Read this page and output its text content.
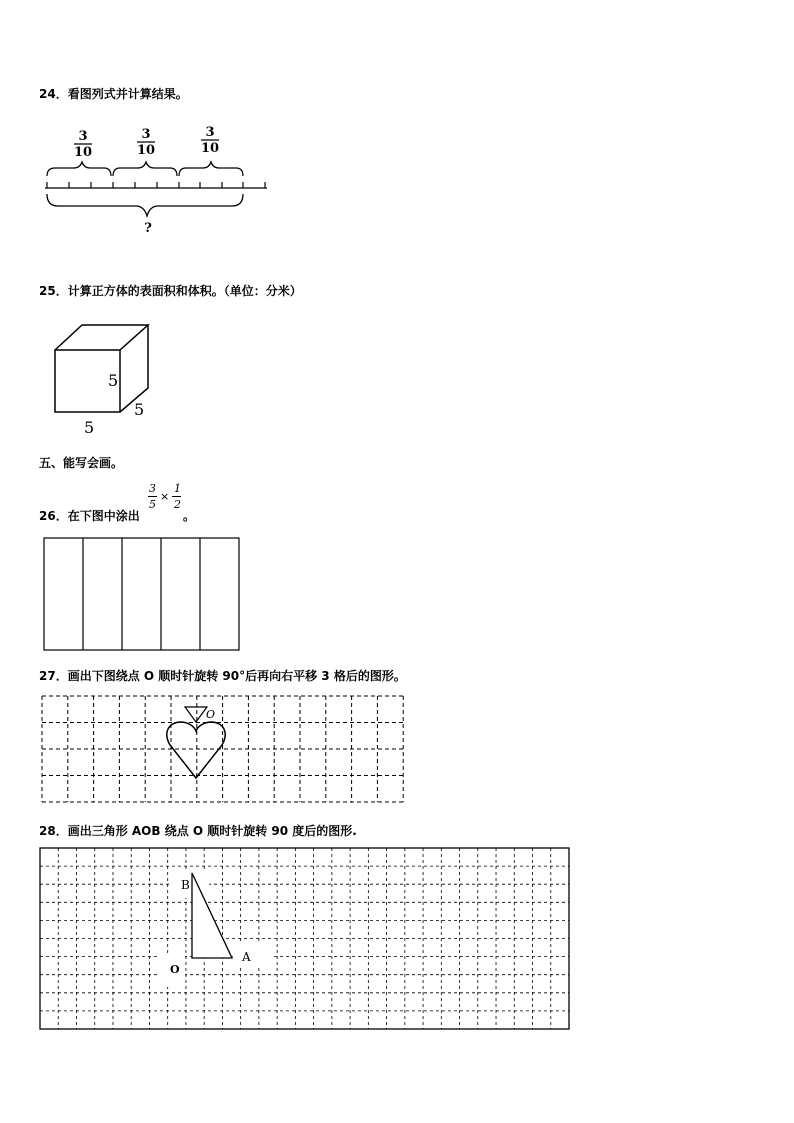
24．看图列式并计算结果。
3
10
3
10
3
10
?
25．计算正方体的表面积和体积。（单位：分米）
5
5
5
五、能写会画。
26．在下图中涂出
3
5
×
1
2
。
27．画出下图绕点 O 顺时针旋转 90°后再向右平移 3 格后的图形。
O
28．画出三角形 AOB 绕点 O 顺时针旋转 90 度后的图形.
B
A
O
